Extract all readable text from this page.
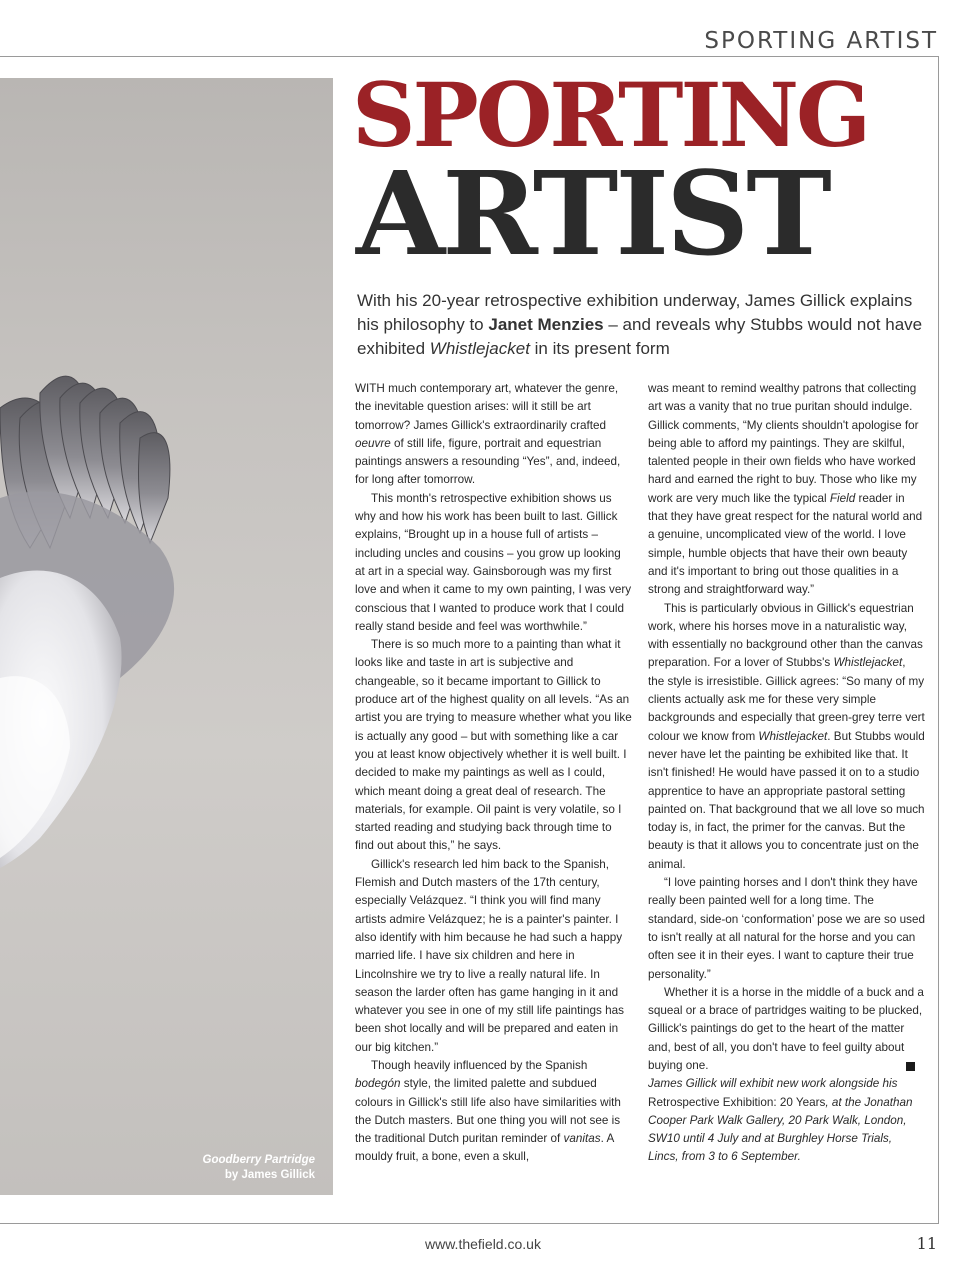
SPORTING ARTIST
Goodberry Partridge
by James Gillick
SPORTING
ARTIST

With his 20-year retrospective exhibition underway, James Gillick explains his philosophy to Janet Menzies – and reveals why Stubbs would not have exhibited Whistlejacket in its present form

WITH much contemporary art, whatever the genre, the inevitable question arises: will it still be art tomorrow? James Gillick's extraordinarily crafted oeuvre of still life, figure, portrait and equestrian paintings answers a resounding “Yes”, and, indeed, for long after tomorrow.

This month's retrospective exhibition shows us why and how his work has been built to last. Gillick explains, “Brought up in a house full of artists – including uncles and cousins – you grow up looking at art in a special way. Gainsborough was my first love and when it came to my own painting, I was very conscious that I wanted to produce work that I could really stand beside and feel was worthwhile.”

There is so much more to a painting than what it looks like and taste in art is subjective and changeable, so it became important to Gillick to produce art of the highest quality on all levels. “As an artist you are trying to measure whether what you like is actually any good – but with something like a car you at least know objectively whether it is well built. I decided to make my paintings as well as I could, which meant doing a great deal of research. The materials, for example. Oil paint is very volatile, so I started reading and studying back through time to find out about this,” he says.

Gillick's research led him back to the Spanish, Flemish and Dutch masters of the 17th century, especially Velázquez. “I think you will find many artists admire Velázquez; he is a painter's painter. I also identify with him because he had such a happy married life. I have six children and here in Lincolnshire we try to live a really natural life. In season the larder often has game hanging in it and whatever you see in one of my still life paintings has been shot locally and will be prepared and eaten in our big kitchen.”

Though heavily influenced by the Spanish bodegón style, the limited palette and subdued colours in Gillick's still life also have similarities with the Dutch masters. But one thing you will not see is the traditional Dutch puritan reminder of vanitas. A mouldy fruit, a bone, even a skull,

was meant to remind wealthy patrons that collecting art was a vanity that no true puritan should indulge. Gillick comments, “My clients shouldn't apologise for being able to afford my paintings. They are skilful, talented people in their own fields who have worked hard and earned the right to buy. Those who like my work are very much like the typical Field reader in that they have great respect for the natural world and a genuine, uncomplicated view of the world. I love simple, humble objects that have their own beauty and it's important to bring out those qualities in a strong and straightforward way.”

This is particularly obvious in Gillick's equestrian work, where his horses move in a naturalistic way, with essentially no background other than the canvas preparation. For a lover of Stubbs's Whistlejacket, the style is irresistible. Gillick agrees: “So many of my clients actually ask me for these very simple backgrounds and especially that green-grey terre vert colour we know from Whistlejacket. But Stubbs would never have let the painting be exhibited like that. It isn't finished! He would have passed it on to a studio apprentice to have an appropriate pastoral setting painted on. That background that we all love so much today is, in fact, the primer for the canvas. But the beauty is that it allows you to concentrate just on the animal.

“I love painting horses and I don't think they have really been painted well for a long time. The standard, side-on ‘conformation’ pose we are so used to isn't really at all natural for the horse and you can often see it in their eyes. I want to capture their true personality.”

Whether it is a horse in the middle of a buck and a squeal or a brace of partridges waiting to be plucked, Gillick's paintings do get to the heart of the matter and, best of all, you don't have to feel guilty about buying one.

James Gillick will exhibit new work alongside his Retrospective Exhibition: 20 Years, at the Jonathan Cooper Park Walk Gallery, 20 Park Walk, London, SW10 until 4 July and at Burghley Horse Trials, Lincs, from 3 to 6 September.

www.thefield.co.uk	11
